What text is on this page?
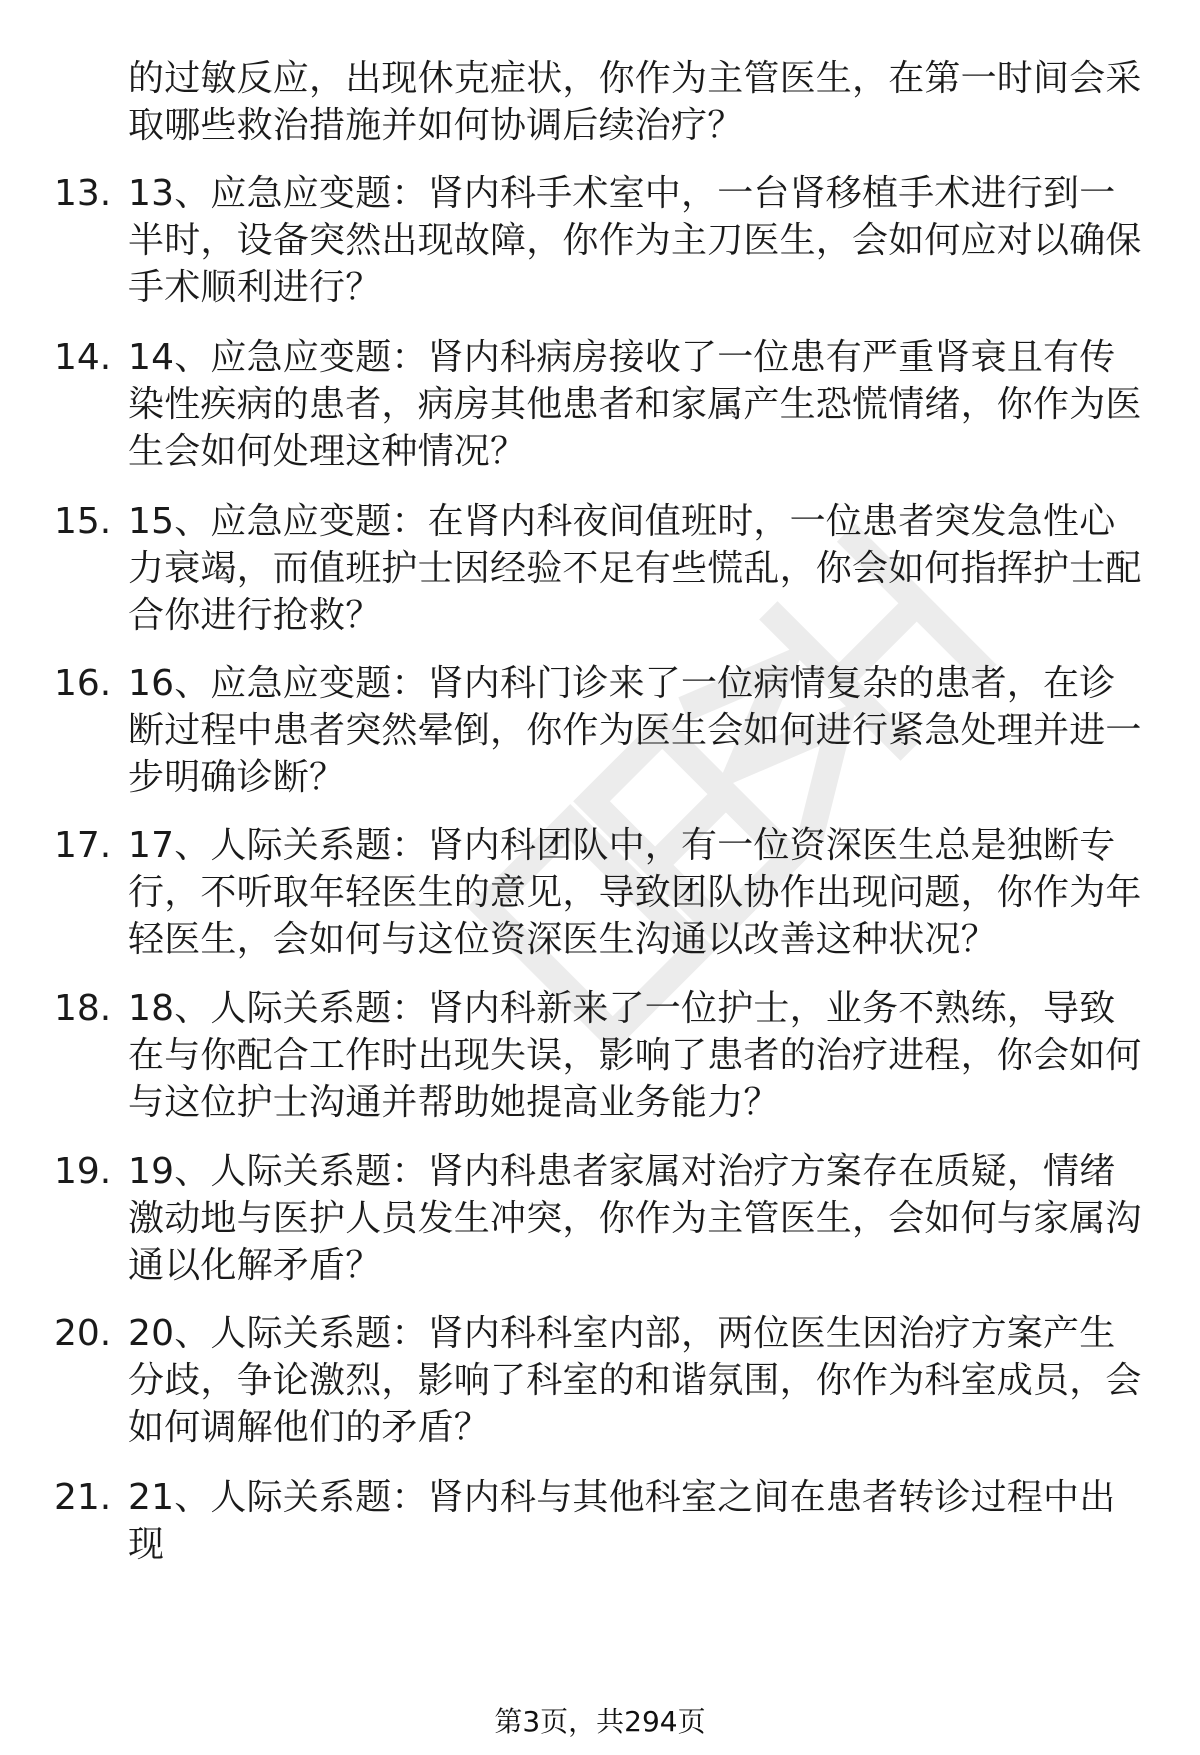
的过敏反应，出现休克症状，你作为主管医生，在第一时间会采取哪些救治措施并如何协调后续治疗？
13. 13、应急应变题：肾内科手术室中，一台肾移植手术进行到一半时，设备突然出现故障，你作为主刀医生，会如何应对以确保手术顺利进行？
14. 14、应急应变题：肾内科病房接收了一位患有严重肾衰且有传染性疾病的患者，病房其他患者和家属产生恐慌情绪，你作为医生会如何处理这种情况？
15. 15、应急应变题：在肾内科夜间值班时，一位患者突发急性心力衰竭，而值班护士因经验不足有些慌乱，你会如何指挥护士配合你进行抢救？
16. 16、应急应变题：肾内科门诊来了一位病情复杂的患者，在诊断过程中患者突然晕倒，你作为医生会如何进行紧急处理并进一步明确诊断？
17. 17、人际关系题：肾内科团队中，有一位资深医生总是独断专行，不听取年轻医生的意见，导致团队协作出现问题，你作为年轻医生，会如何与这位资深医生沟通以改善这种状况？
18. 18、人际关系题：肾内科新来了一位护士，业务不熟练，导致在与你配合工作时出现失误，影响了患者的治疗进程，你会如何与这位护士沟通并帮助她提高业务能力？
19. 19、人际关系题：肾内科患者家属对治疗方案存在质疑，情绪激动地与医护人员发生冲突，你作为主管医生，会如何与家属沟通以化解矛盾？
20. 20、人际关系题：肾内科科室内部，两位医生因治疗方案产生分歧，争论激烈，影响了科室的和谐氛围，你作为科室成员，会如何调解他们的矛盾？
21. 21、人际关系题：肾内科与其他科室之间在患者转诊过程中出现
第3页，共294页
